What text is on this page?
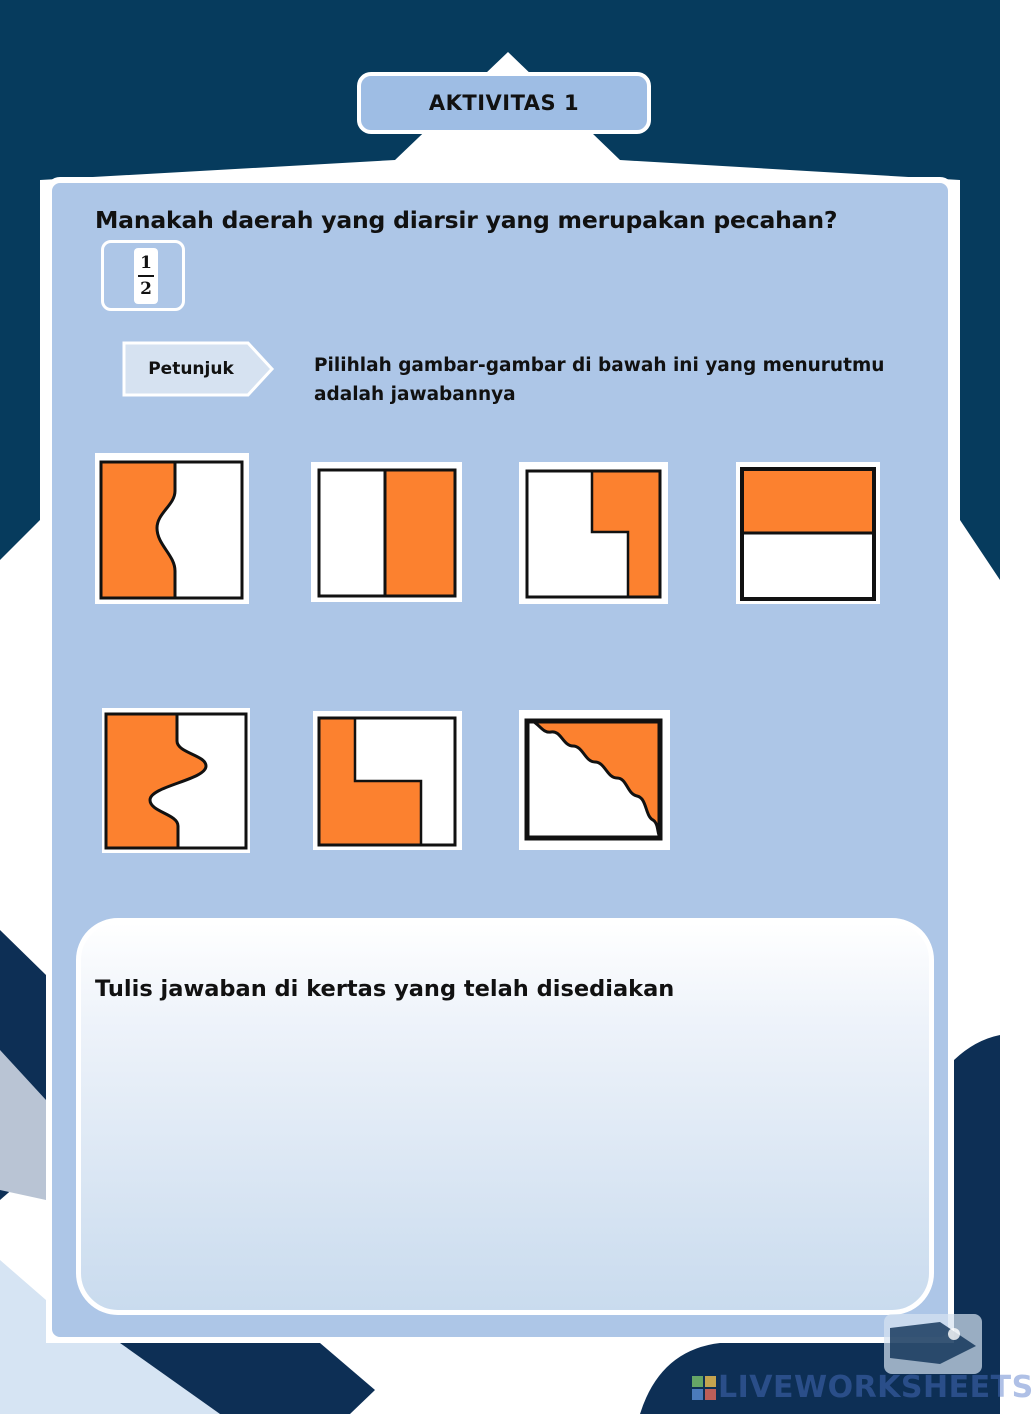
AKTIVITAS 1
Manakah daerah yang diarsir yang merupakan pecahan?
1
2
Petunjuk	Pilihlah gambar-gambar di bawah ini yang menurutmu adalah jawabannya
Tulis jawaban di kertas yang telah disediakan
LIVEWORKSHEETS
